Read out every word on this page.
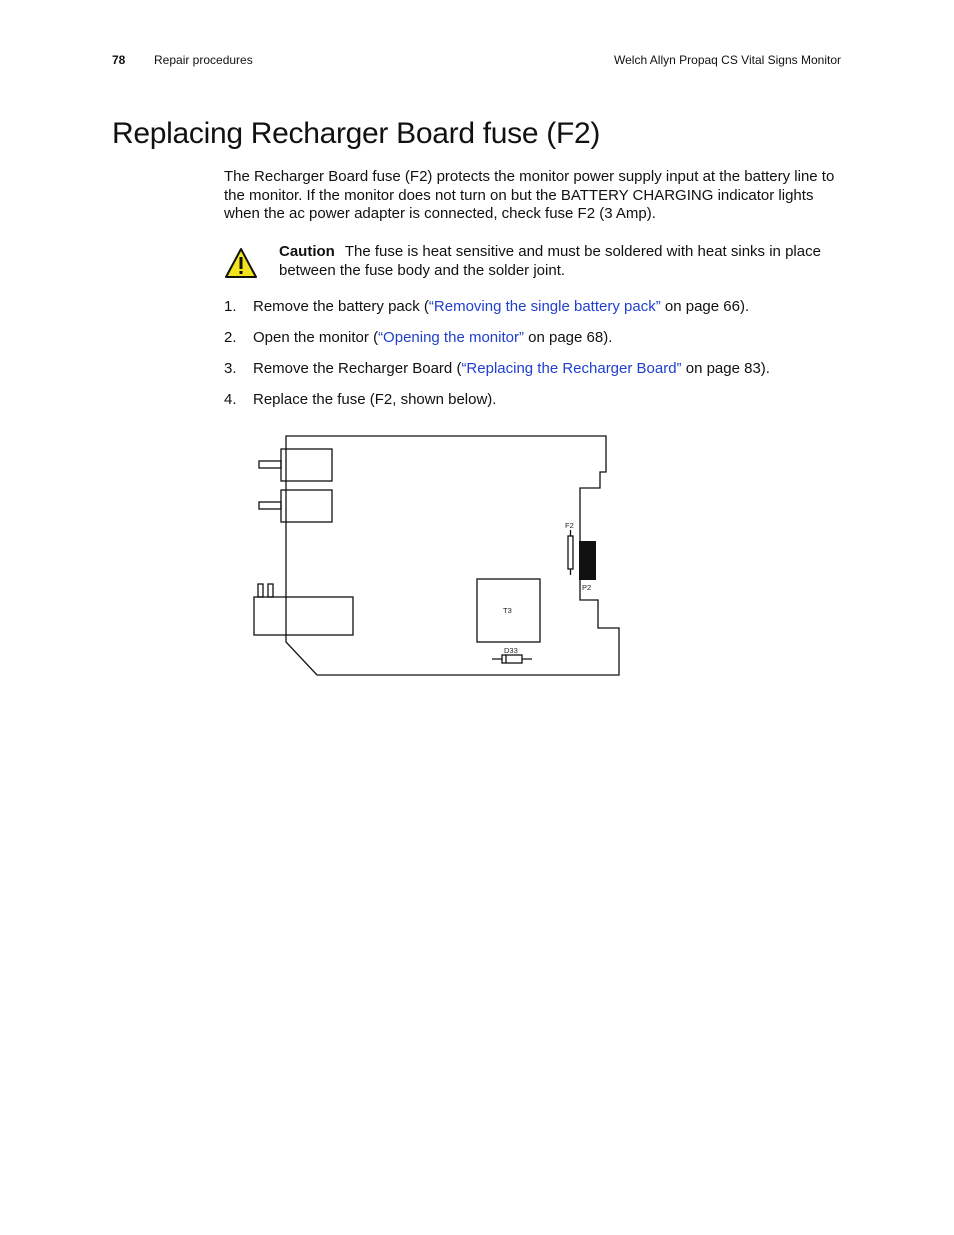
78 Repair procedures	Welch Allyn Propaq CS Vital Signs Monitor
Replacing Recharger Board fuse (F2)

The Recharger Board fuse (F2) protects the monitor power supply input at the battery line to the monitor. If the monitor does not turn on but the BATTERY CHARGING indicator lights when the ac power adapter is connected, check fuse F2 (3 Amp).

Caution The fuse is heat sensitive and must be soldered with heat sinks in place between the fuse body and the solder joint.

1. Remove the battery pack (“Removing the single battery pack” on page 66).
2. Open the monitor (“Opening the monitor” on page 68).
3. Remove the Recharger Board (“Replacing the Recharger Board” on page 83).
4. Replace the fuse (F2, shown below).
F2
P2
T3
D33
